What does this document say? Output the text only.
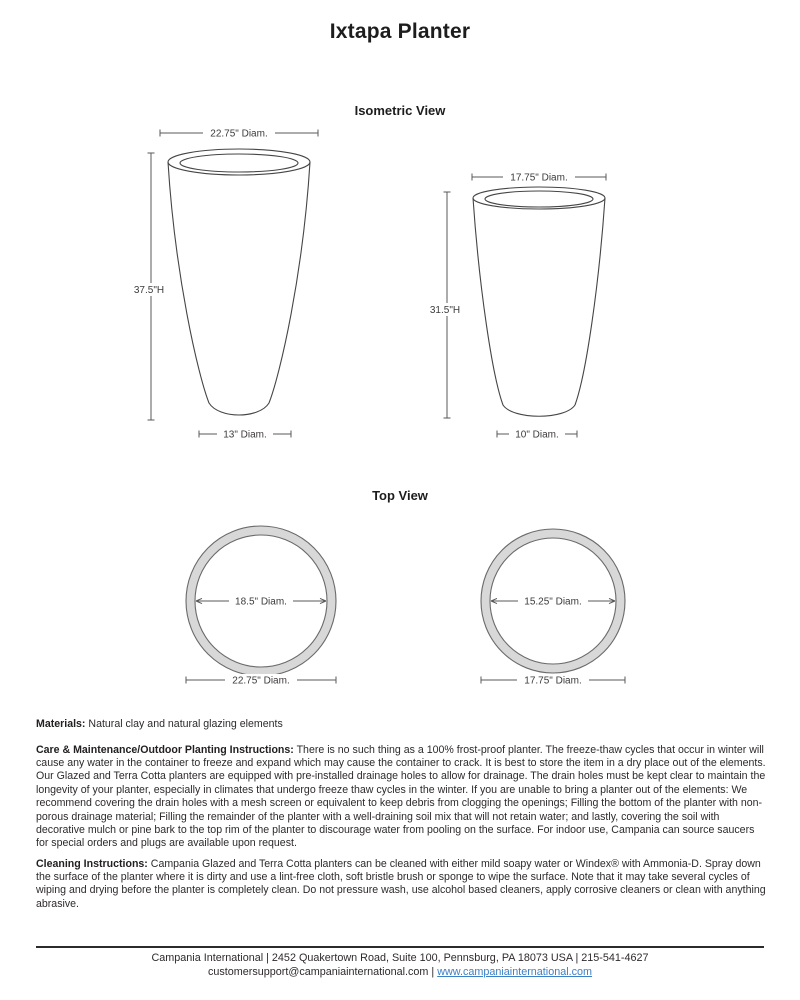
Ixtapa Planter
Isometric View
22.75" Diam.
37.5"H
13" Diam.
17.75" Diam.
31.5"H
10" Diam.
Top View
18.5" Diam.
22.75" Diam.
15.25" Diam.
17.75" Diam.

Materials: Natural clay and natural glazing elements

Care & Maintenance/Outdoor Planting Instructions: There is no such thing as a 100% frost-proof planter. The freeze-thaw cycles that occur in winter will cause any water in the container to freeze and expand which may cause the container to crack. It is best to store the item in a dry place out of the elements. Our Glazed and Terra Cotta planters are equipped with pre-installed drainage holes to allow for drainage. The drain holes must be kept clear to maintain the longevity of your planter, especially in climates that undergo freeze thaw cycles in the winter. If you are unable to bring a planter out of the elements: We recommend covering the drain holes with a mesh screen or equivalent to keep debris from clogging the openings; Filling the bottom of the planter with non-porous drainage material; Filling the remainder of the planter with a well-draining soil mix that will not retain water; and lastly, covering the soil with decorative mulch or pine bark to the top rim of the planter to discourage water from pooling on the surface. For indoor use, Campania can source saucers for special orders and plugs are available upon request.

Cleaning Instructions: Campania Glazed and Terra Cotta planters can be cleaned with either mild soapy water or Windex® with Ammonia-D. Spray down the surface of the planter where it is dirty and use a lint-free cloth, soft bristle brush or sponge to wipe the surface. Note that it may take several cycles of wiping and drying before the planter is completely clean. Do not pressure wash, use alcohol based cleaners, apply corrosive cleaners or clean with anything abrasive.

Campania International | 2452 Quakertown Road, Suite 100, Pennsburg, PA 18073 USA | 215-541-4627
customersupport@campaniainternational.com | www.campaniainternational.com
